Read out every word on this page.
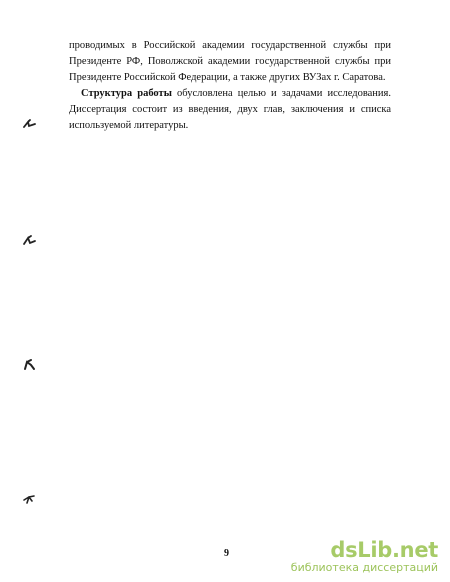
проводимых в Российской академии государственной службы при Президенте РФ, Поволжской академии государственной службы при Президенте Российской Федерации, а также других ВУЗах г. Саратова.

Структура работы обусловлена целью и задачами исследования. Диссертация состоит из введения, двух глав, заключения и списка используемой литературы.

9	dsLib.net
библиотека диссертаций
